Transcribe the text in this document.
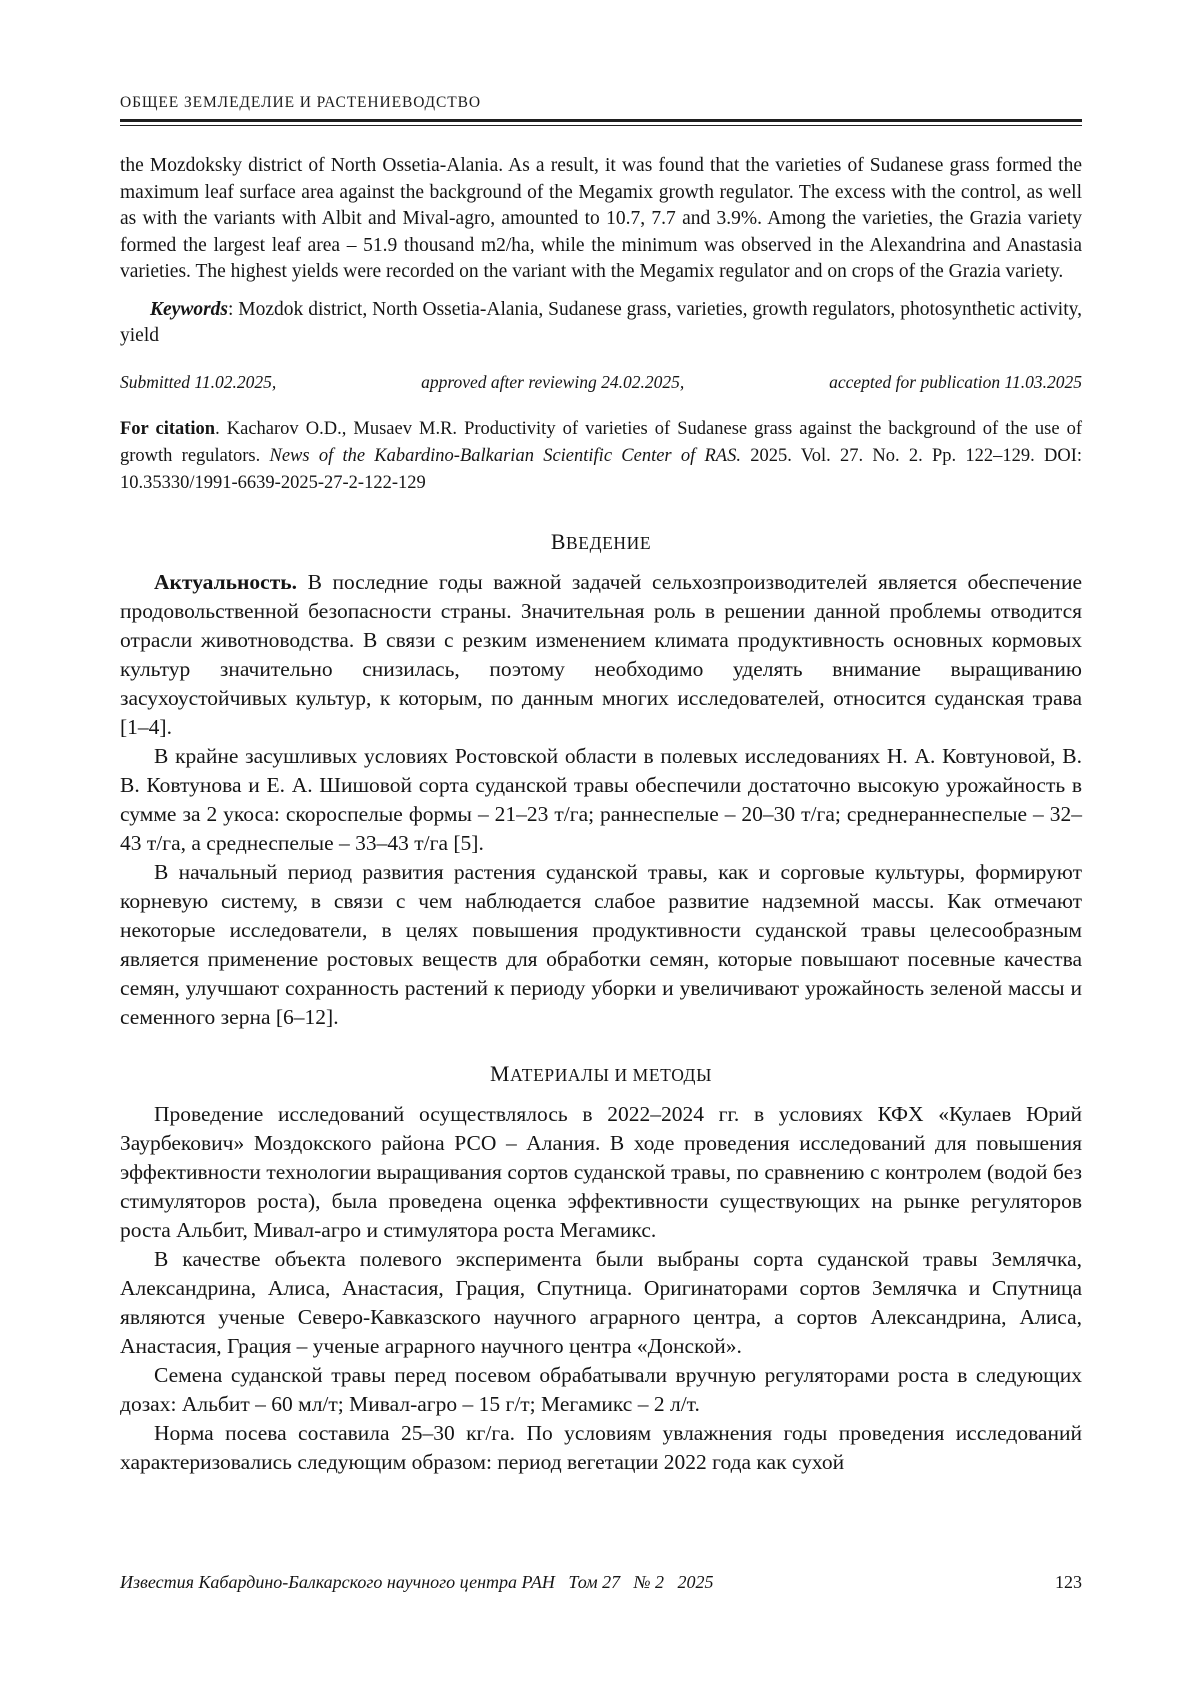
ОБЩЕЕ ЗЕМЛЕДЕЛИЕ И РАСТЕНИЕВОДСТВО

the Mozdoksky district of North Ossetia-Alania. As a result, it was found that the varieties of Sudanese grass formed the maximum leaf surface area against the background of the Megamix growth regulator. The excess with the control, as well as with the variants with Albit and Mival-agro, amounted to 10.7, 7.7 and 3.9%. Among the varieties, the Grazia variety formed the largest leaf area – 51.9 thousand m2/ha, while the minimum was observed in the Alexandrina and Anastasia varieties. The highest yields were recorded on the variant with the Megamix regulator and on crops of the Grazia variety.

Keywords: Mozdok district, North Ossetia-Alania, Sudanese grass, varieties, growth regulators, photosynthetic activity, yield

Submitted 11.02.2025,	approved after reviewing 24.02.2025,	accepted for publication 11.03.2025

For citation. Kacharov O.D., Musaev M.R. Productivity of varieties of Sudanese grass against the background of the use of growth regulators. News of the Kabardino-Balkarian Scientific Center of RAS. 2025. Vol. 27. No. 2. Pp. 122–129. DOI: 10.35330/1991-6639-2025-27-2-122-129

ВВЕДЕНИЕ

Актуальность. В последние годы важной задачей сельхозпроизводителей является обеспечение продовольственной безопасности страны. Значительная роль в решении данной проблемы отводится отрасли животноводства. В связи с резким изменением климата продуктивность основных кормовых культур значительно снизилась, поэтому необходимо уделять внимание выращиванию засухоустойчивых культур, к которым, по данным многих исследователей, относится суданская трава [1–4].

В крайне засушливых условиях Ростовской области в полевых исследованиях Н. А. Ковтуновой, В. В. Ковтунова и Е. А. Шишовой сорта суданской травы обеспечили достаточно высокую урожайность в сумме за 2 укоса: скороспелые формы – 21–23 т/га; раннеспелые – 20–30 т/га; среднераннеспелые – 32–43 т/га, а среднеспелые – 33–43 т/га [5].

В начальный период развития растения суданской травы, как и сорговые культуры, формируют корневую систему, в связи с чем наблюдается слабое развитие надземной массы. Как отмечают некоторые исследователи, в целях повышения продуктивности суданской травы целесообразным является применение ростовых веществ для обработки семян, которые повышают посевные качества семян, улучшают сохранность растений к периоду уборки и увеличивают урожайность зеленой массы и семенного зерна [6–12].

МАТЕРИАЛЫ И МЕТОДЫ

Проведение исследований осуществлялось в 2022–2024 гг. в условиях КФХ «Кулаев Юрий Заурбекович» Моздокского района РСО – Алания. В ходе проведения исследований для повышения эффективности технологии выращивания сортов суданской травы, по сравнению с контролем (водой без стимуляторов роста), была проведена оценка эффективности существующих на рынке регуляторов роста Альбит, Мивал-агро и стимулятора роста Мегамикс.

В качестве объекта полевого эксперимента были выбраны сорта суданской травы Землячка, Александрина, Алиса, Анастасия, Грация, Спутница. Оригинаторами сортов Землячка и Спутница являются ученые Северо-Кавказского научного аграрного центра, а сортов Александрина, Алиса, Анастасия, Грация – ученые аграрного научного центра «Донской».

Семена суданской травы перед посевом обрабатывали вручную регуляторами роста в следующих дозах: Альбит – 60 мл/т; Мивал-агро – 15 г/т; Мегамикс – 2 л/т.

Норма посева составила 25–30 кг/га. По условиям увлажнения годы проведения исследований характеризовались следующим образом: период вегетации 2022 года как сухой

Известия Кабардино-Балкарского научного центра РАН   Том 27   № 2   2025	123
